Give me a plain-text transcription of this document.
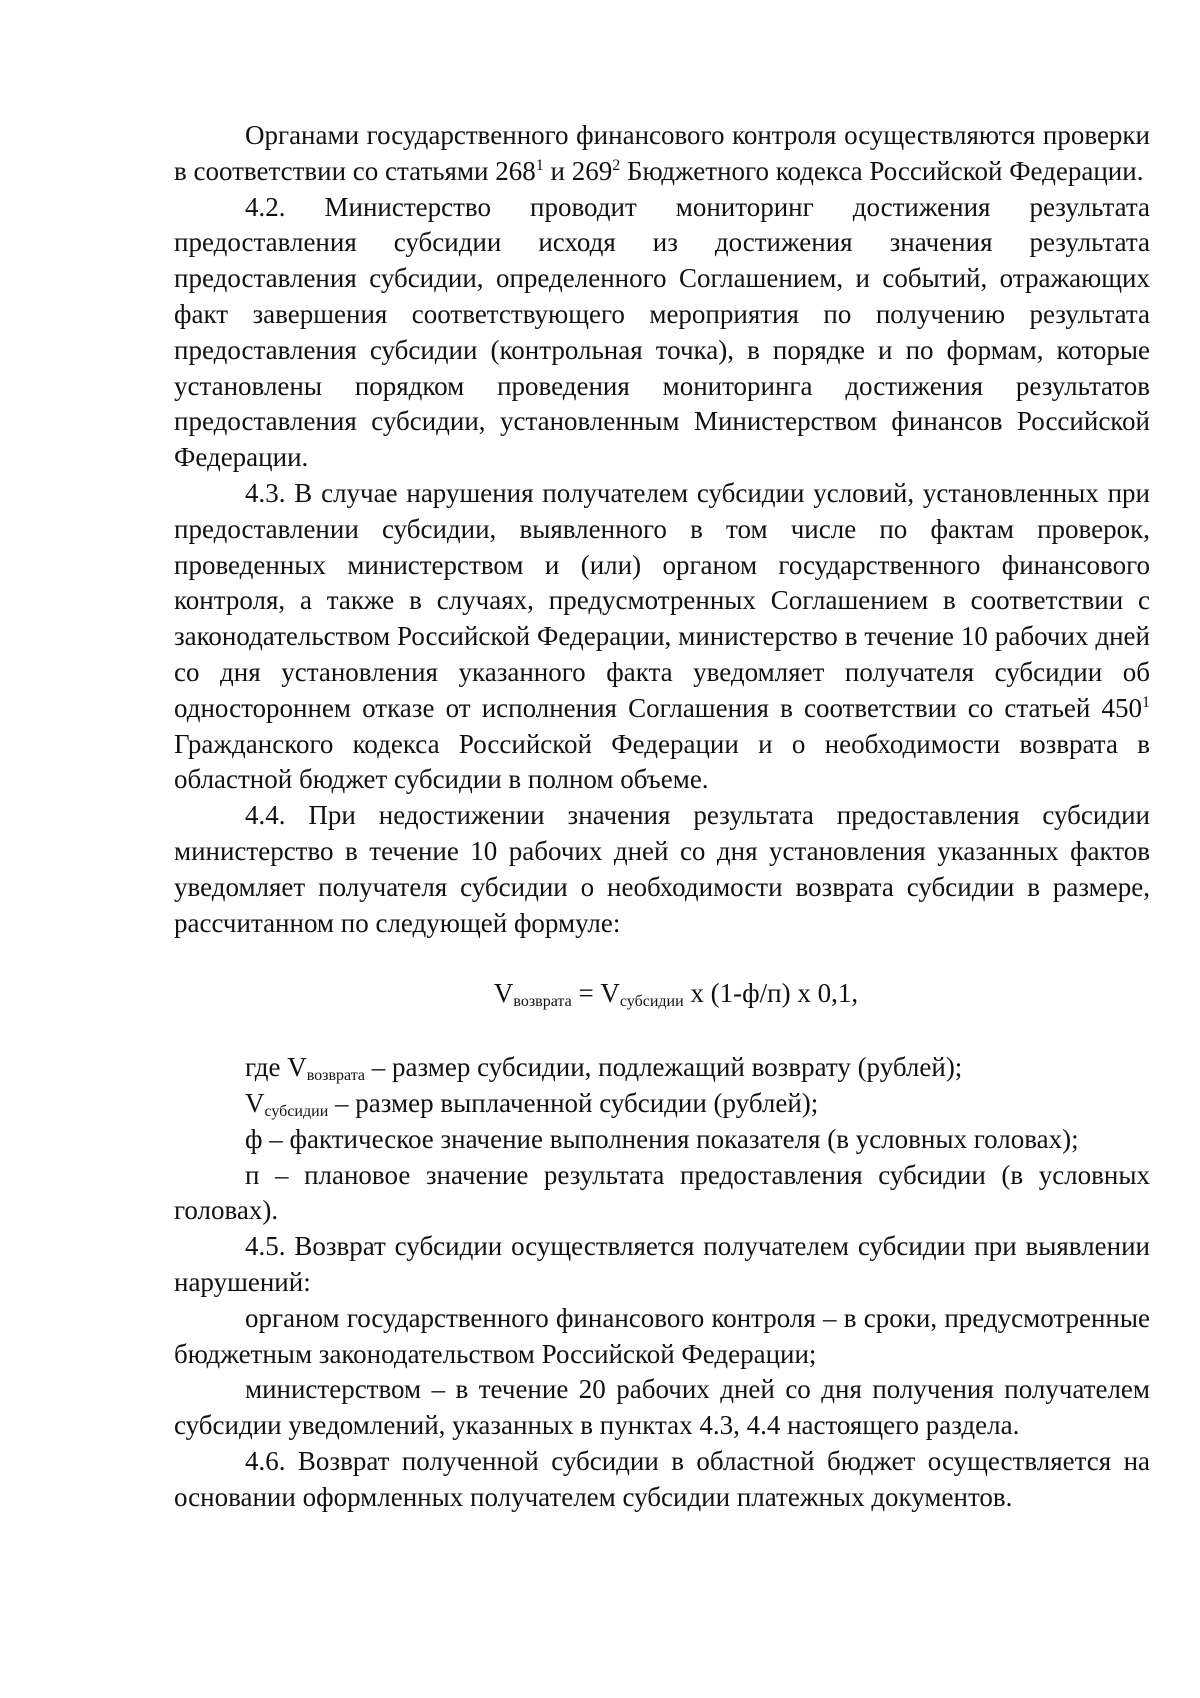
Органами государственного финансового контроля осуществляются проверки в соответствии со статьями $268^1$ и $269^2$ Бюджетного кодекса Российской Федерации.

4.2. Министерство проводит мониторинг достижения результата предоставления субсидии исходя из достижения значения результата предоставления субсидии, определенного Соглашением, и событий, отражающих факт завершения соответствующего мероприятия по получению результата предоставления субсидии (контрольная точка), в порядке и по формам, которые установлены порядком проведения мониторинга достижения результатов предоставления субсидии, установленным Министерством финансов Российской Федерации.

4.3. В случае нарушения получателем субсидии условий, установленных при предоставлении субсидии, выявленного в том числе по фактам проверок, проведенных министерством и (или) органом государственного финансового контроля, а также в случаях, предусмотренных Соглашением в соответствии с законодательством Российской Федерации, министерство в течение 10 рабочих дней со дня установления указанного факта уведомляет получателя субсидии об одностороннем отказе от исполнения Соглашения в соответствии со статьей $450^1$ Гражданского кодекса Российской Федерации и о необходимости возврата в областной бюджет субсидии в полном объеме.

4.4. При недостижении значения результата предоставления субсидии министерство в течение 10 рабочих дней со дня установления указанных фактов уведомляет получателя субсидии о необходимости возврата субсидии в размере, рассчитанном по следующей формуле:

$V_{возврата} = V_{субсидии}$ х (1-ф/п) х 0,1,

где $V_{возврата}$ – размер субсидии, подлежащий возврату (рублей);

$V_{субсидии}$ – размер выплаченной субсидии (рублей);

ф – фактическое значение выполнения показателя (в условных головах);

п – плановое значение результата предоставления субсидии (в условных головах).

4.5. Возврат субсидии осуществляется получателем субсидии при выявлении нарушений:

органом государственного финансового контроля – в сроки, предусмотренные бюджетным законодательством Российской Федерации;

министерством – в течение 20 рабочих дней со дня получения получателем субсидии уведомлений, указанных в пунктах 4.3, 4.4 настоящего раздела.

4.6. Возврат полученной субсидии в областной бюджет осуществляется на основании оформленных получателем субсидии платежных документов.
